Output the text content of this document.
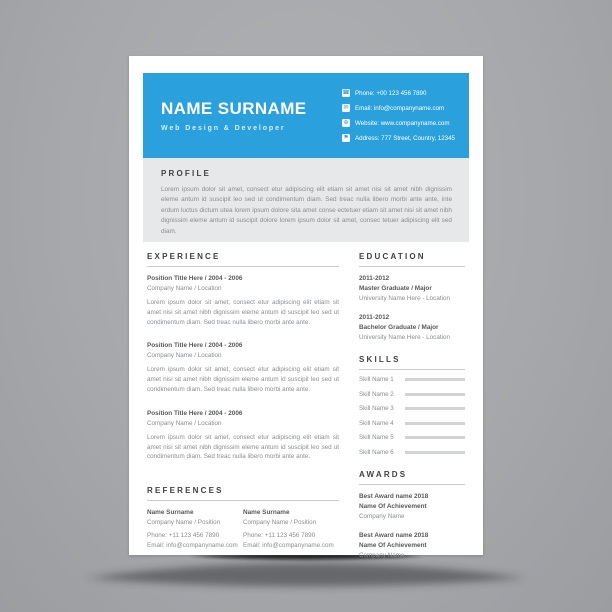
NAME SURNAME
Web Design & Developer
☎ Phone: +00 123 456 7890
✉ Email: info@companyname.com
⊕ Website: www.companyname.com
⚑ Address: 777 Street, Country, 12345
PROFILE

Lorem ipsum dolor sit amet, consect etur adipiscing elit etiam sit amet nisi sit amet nibh dignissim eleme antum id suscipit leo sed ut condimentum diam. Sed treac nulla libero morbi ante ante, inte erdum luctus dictum utea lorem ipsum dolore sita amet conse ectetuer etiam sit amet nisi sit amet nibh dignissim eleme antum id suscipit dolore lorem ipsum dolor sit amet, consec tetuer adipiscing elit sed diam.

EXPERIENCE
Position Title Here / 2004 - 2006
Company Name / Location
Lorem ipsum dolor sit amet, consect etur adipiscing elit etiam sit amet nisi sit amet nibh dignissim eleme antum id suscipit leo sed ut condimentum diam. Sed treac nulla libero morbi ante ante.
Position Title Here / 2004 - 2006
Company Name / Location
Lorem ipsum dolor sit amet, consect etur adipiscing elit etiam sit amet nisi sit amet nibh dignissim eleme antum id suscipit leo sed ut condimentum diam. Sed treac nulla libero morbi ante ante.
Position Title Here / 2004 - 2006
Company Name / Location
Lorem ipsum dolor sit amet, consect etur adipiscing elit etiam sit amet nisi sit amet nibh dignissim eleme antum id suscipit leo sed ut condimentum diam. Sed treac nulla libero morbi ante ante.
REFERENCES
Name Surname
Company Name / Position
Phone: +11 123 456 7890
Email: info@companyname.com
Name Surname
Company Name / Position
Phone: +11 123 456 7890
Email: info@companyname.com
EDUCATION
2011-2012
Master Graduate / Major
University Name Here - Location
2011-2012
Bachelor Graduate / Major
University Name Here - Location
SKILLS
Skill Name 1
Skill Name 2
Skill Name 3
Skill Name 4
Skill Name 5
Skill Name 6
AWARDS
Best Award name 2018
Name Of Achievement
Company Name
Best Award name 2018
Name Of Achievement
Company Name
